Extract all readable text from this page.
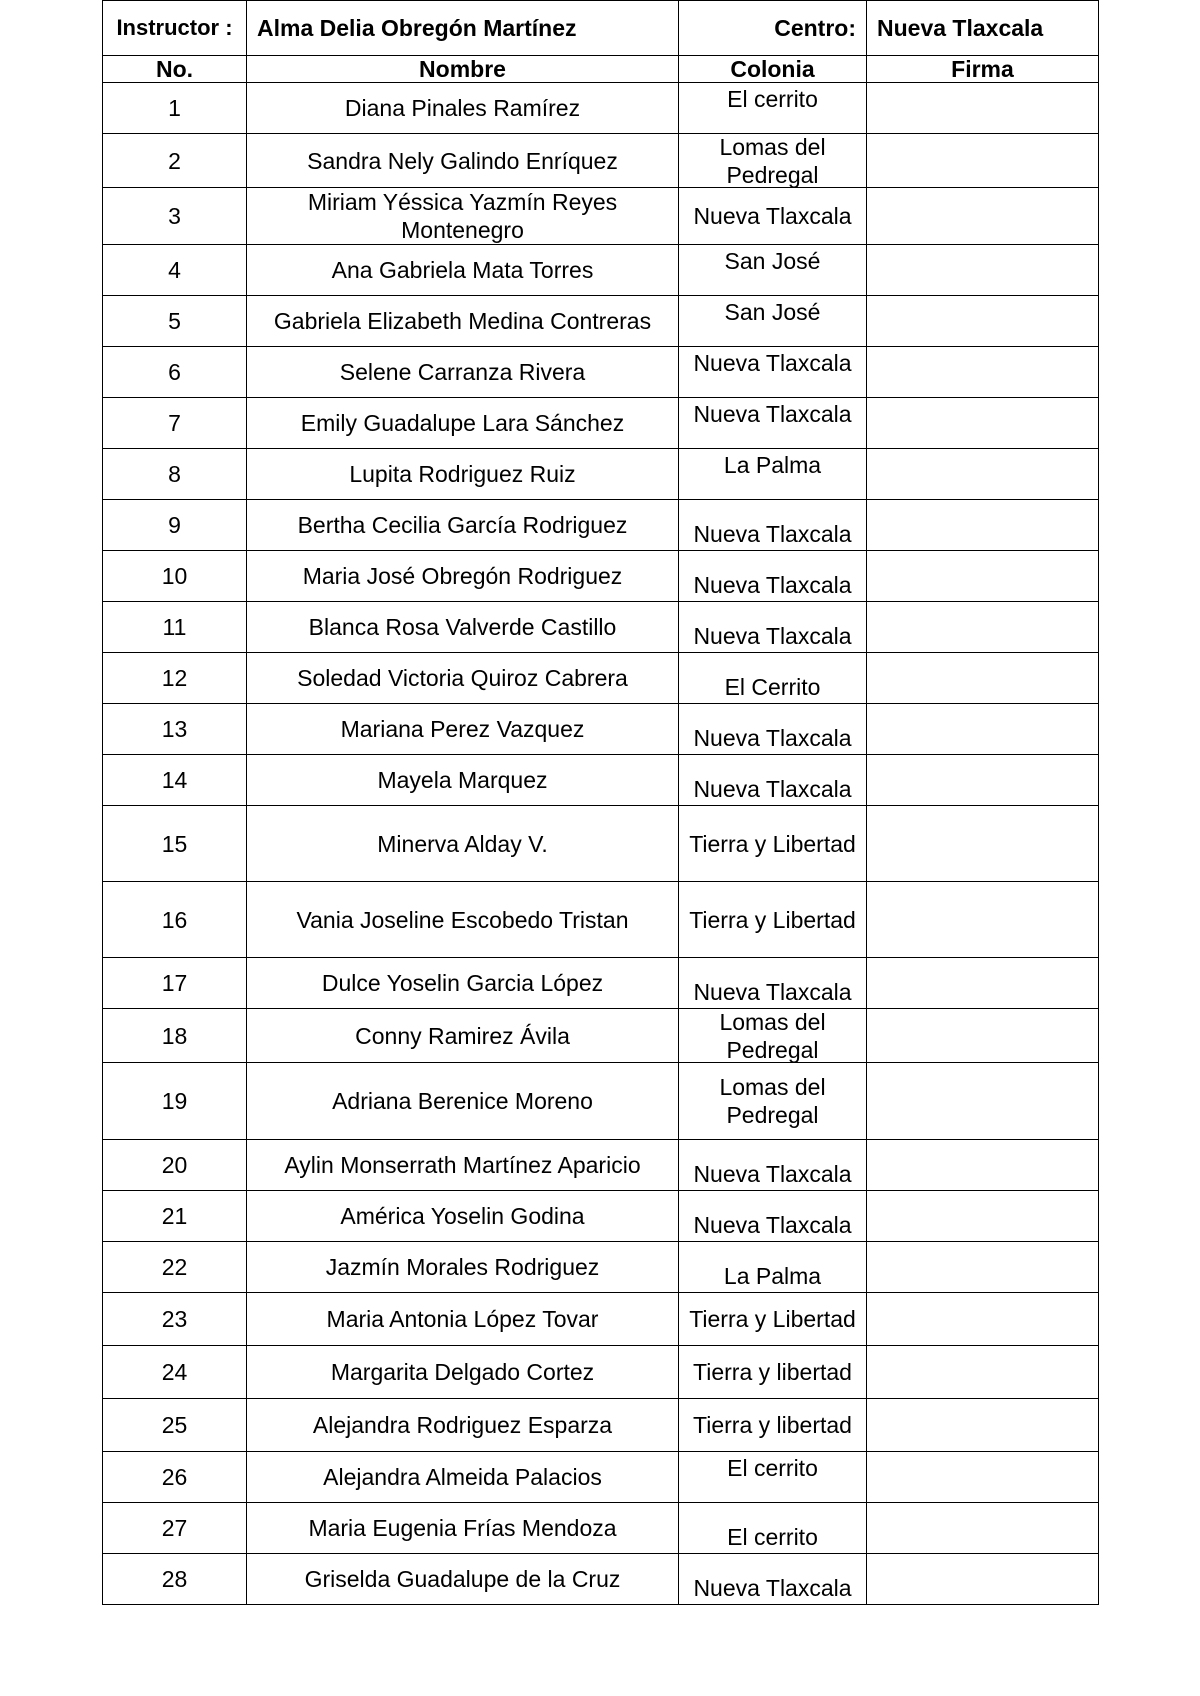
Instructor :	Alma Delia Obregón Martínez	Centro:	Nueva Tlaxcala
No.	Nombre	Colonia	Firma
1	Diana Pinales Ramírez	El cerrito	

2	Sandra Nely Galindo Enríquez	Lomas del Pedregal	

3	Miriam Yéssica Yazmín Reyes Montenegro	Nueva Tlaxcala	

4	Ana Gabriela Mata Torres	San José	

5	Gabriela Elizabeth Medina Contreras	San José	

6	Selene Carranza Rivera	Nueva Tlaxcala	

7	Emily Guadalupe Lara Sánchez	Nueva Tlaxcala	

8	Lupita Rodriguez Ruiz	La Palma	

9	Bertha Cecilia García Rodriguez	Nueva Tlaxcala	

10	Maria José Obregón Rodriguez	Nueva Tlaxcala	

11	Blanca Rosa Valverde Castillo	Nueva Tlaxcala	

12	Soledad Victoria Quiroz Cabrera	El Cerrito	

13	Mariana Perez Vazquez	Nueva Tlaxcala	

14	Mayela Marquez	Nueva Tlaxcala	

15	Minerva Alday V.	Tierra y Libertad	

16	Vania Joseline Escobedo Tristan	Tierra y Libertad	

17	Dulce Yoselin Garcia López	Nueva Tlaxcala	

18	Conny Ramirez Ávila	Lomas del Pedregal	

19	Adriana Berenice Moreno	Lomas del Pedregal	

20	Aylin Monserrath Martínez Aparicio	Nueva Tlaxcala	

21	América Yoselin Godina	Nueva Tlaxcala	

22	Jazmín Morales Rodriguez	La Palma	

23	Maria Antonia López Tovar	Tierra y Libertad	

24	Margarita Delgado Cortez	Tierra y libertad	

25	Alejandra Rodriguez Esparza	Tierra y libertad	

26	Alejandra Almeida Palacios	El cerrito	

27	Maria Eugenia Frías Mendoza	El cerrito	

28	Griselda Guadalupe de la Cruz	Nueva Tlaxcala	
